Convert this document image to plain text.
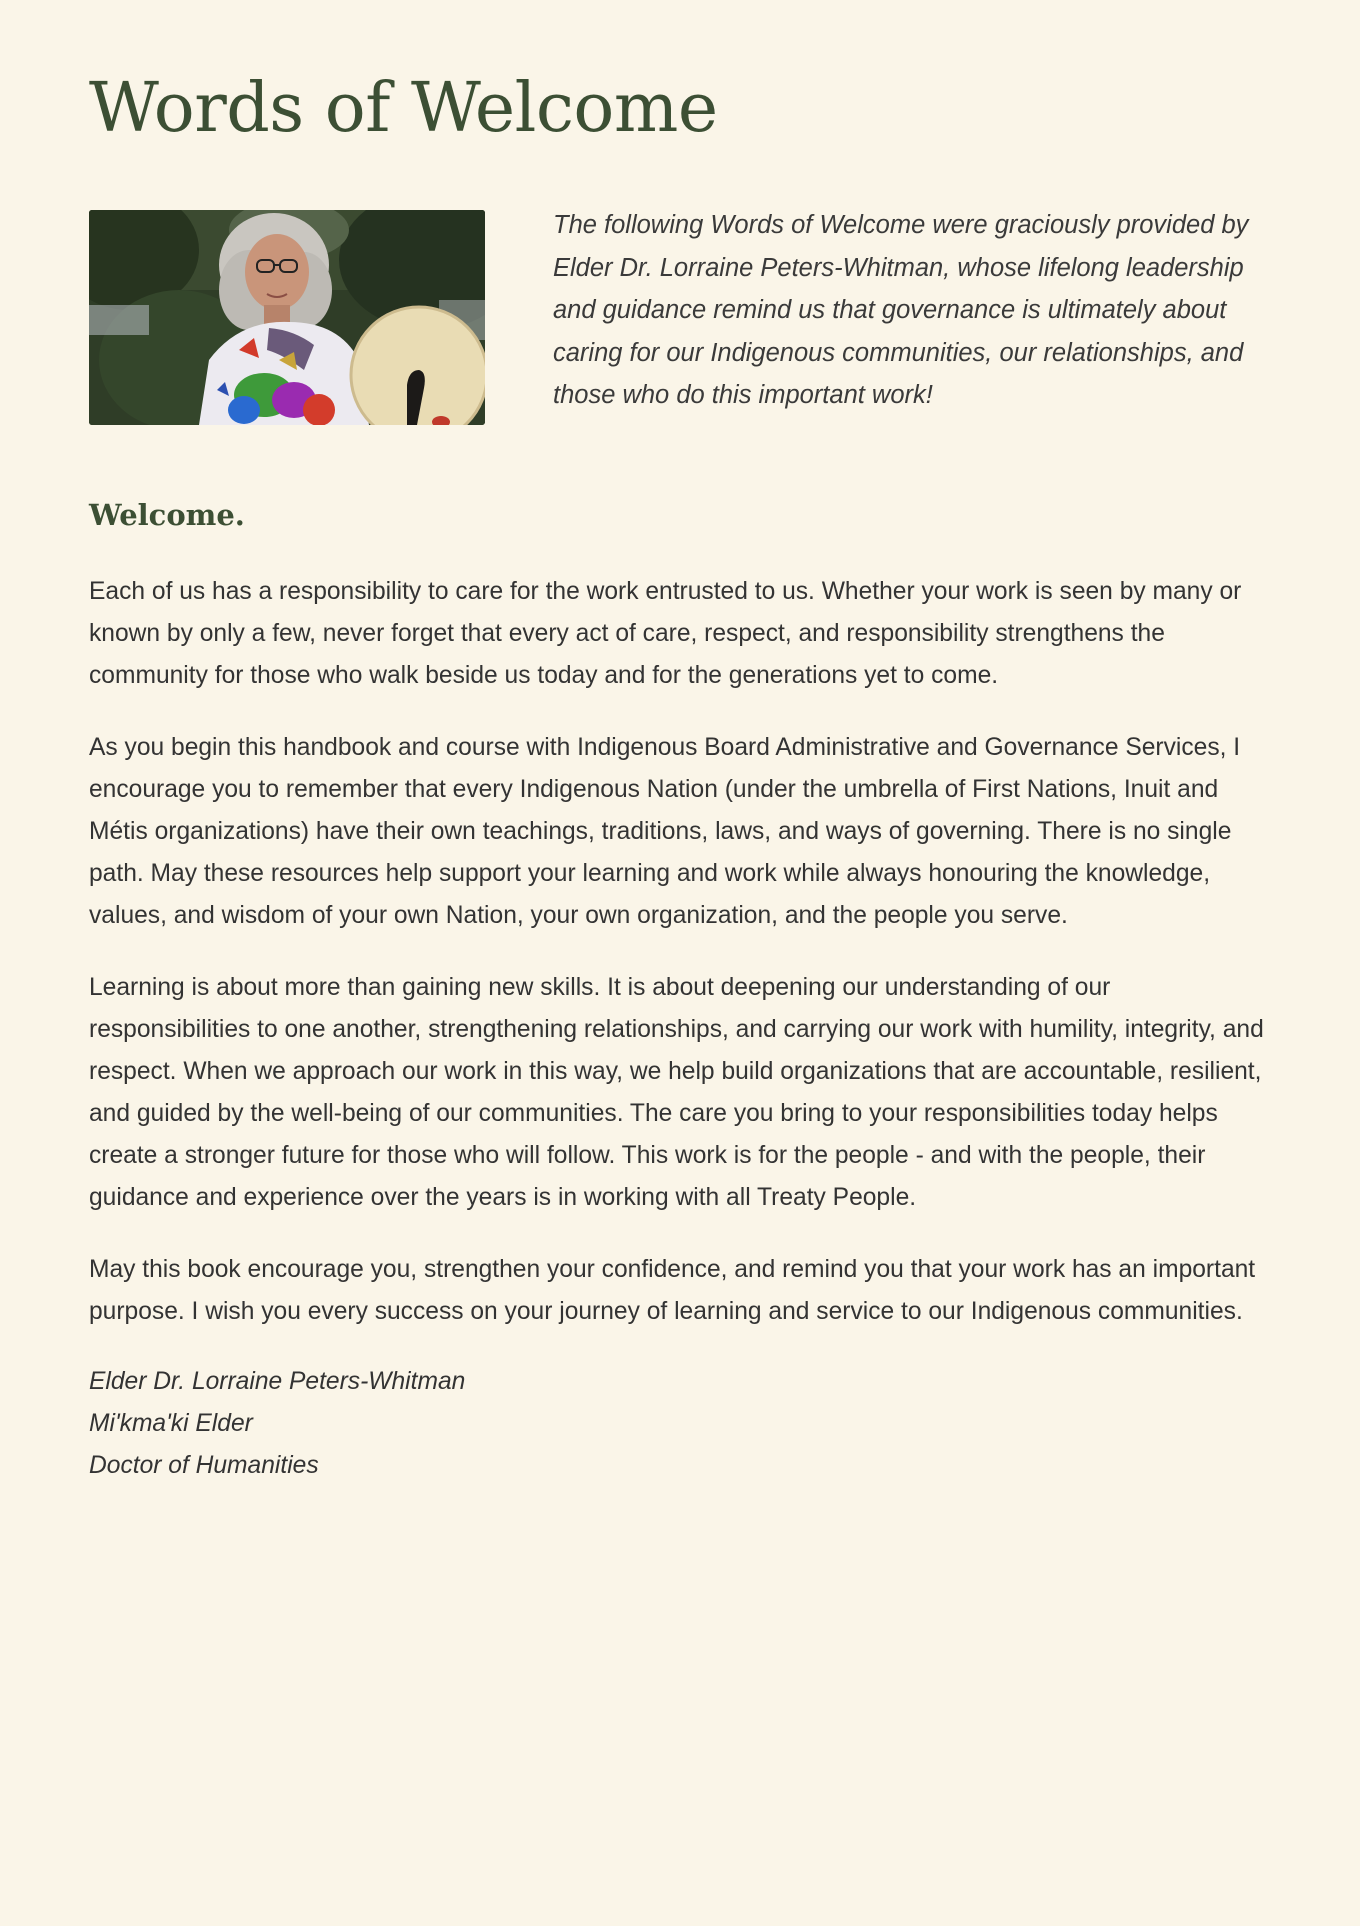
Words of Welcome

The following Words of Welcome were graciously provided by Elder Dr. Lorraine Peters-Whitman, whose lifelong leadership and guidance remind us that governance is ultimately about caring for our Indigenous communities, our relationships, and those who do this important work!

Welcome.

Each of us has a responsibility to care for the work entrusted to us. Whether your work is seen by many or known by only a few, never forget that every act of care, respect, and responsibility strengthens the community for those who walk beside us today and for the generations yet to come.

As you begin this handbook and course with Indigenous Board Administrative and Governance Services, I encourage you to remember that every Indigenous Nation (under the umbrella of First Nations, Inuit and Métis organizations) have their own teachings, traditions, laws, and ways of governing. There is no single path. May these resources help support your learning and work while always honouring the knowledge, values, and wisdom of your own Nation, your own organization, and the people you serve.

Learning is about more than gaining new skills. It is about deepening our understanding of our responsibilities to one another, strengthening relationships, and carrying our work with humility, integrity, and respect. When we approach our work in this way, we help build organizations that are accountable, resilient, and guided by the well-being of our communities. The care you bring to your responsibilities today helps create a stronger future for those who will follow. This work is for the people - and with the people, their guidance and experience over the years is in working with all Treaty People.

May this book encourage you, strengthen your confidence, and remind you that your work has an important purpose. I wish you every success on your journey of learning and service to our Indigenous communities.

Elder Dr. Lorraine Peters-Whitman
Mi'kma'ki Elder
Doctor of Humanities
